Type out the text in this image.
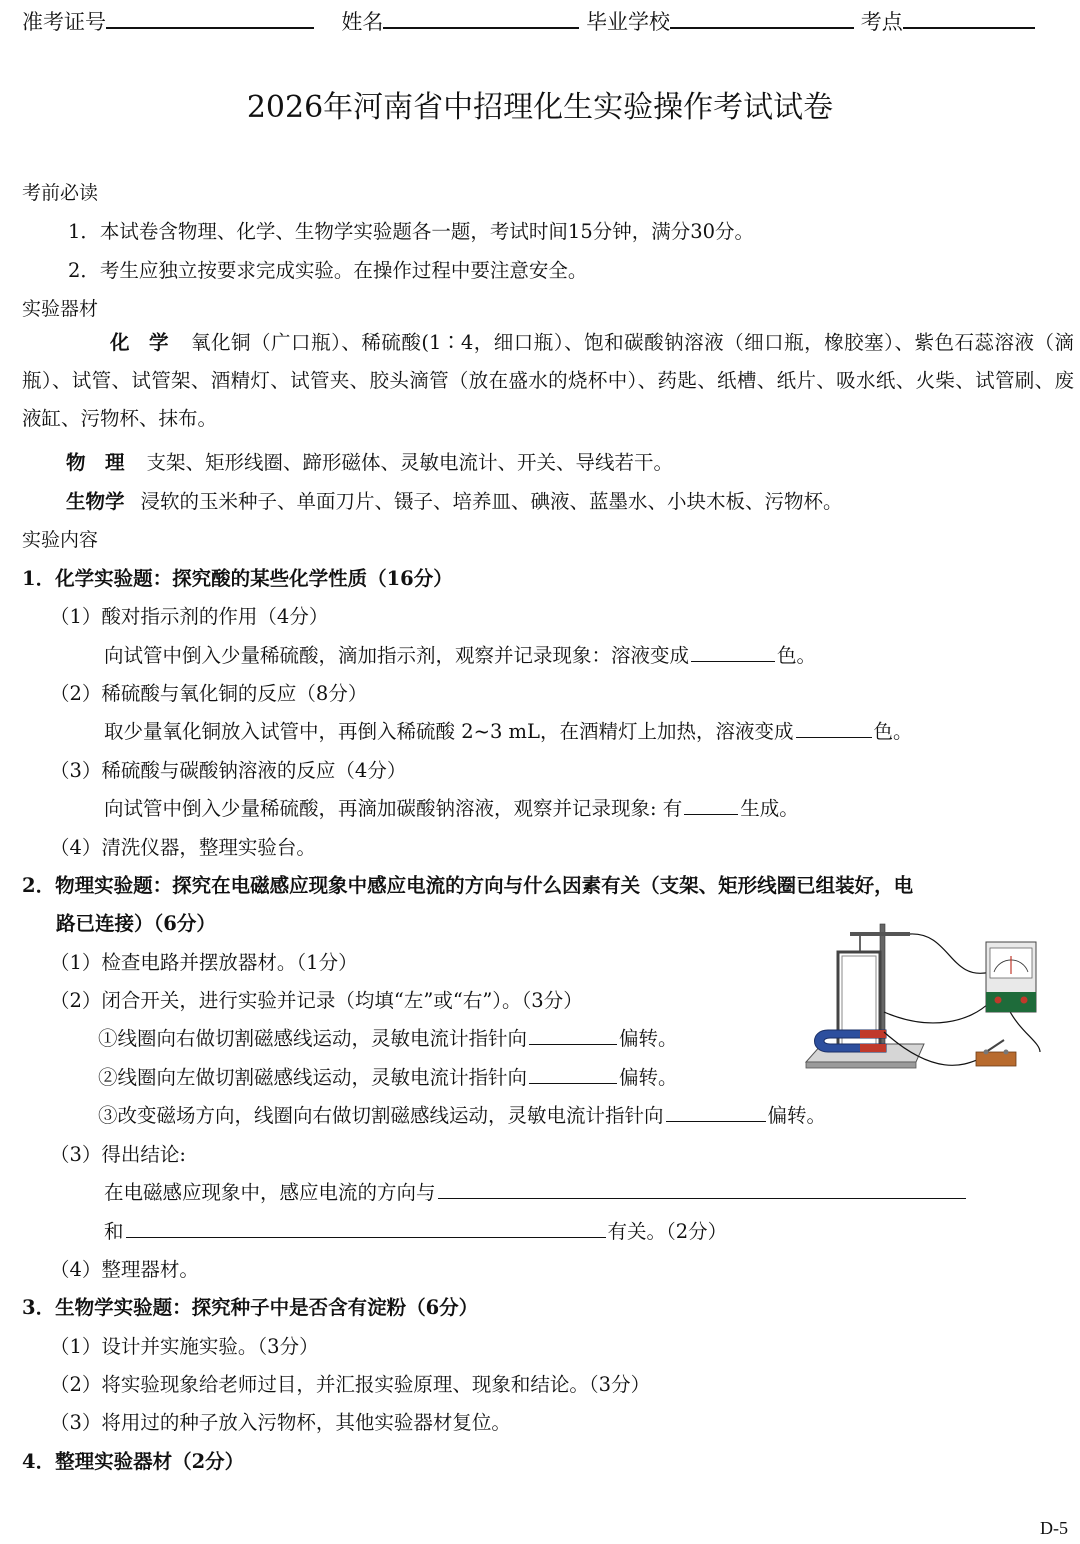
准考证号	姓名	毕业学校	考点
2026年河南省中招理化生实验操作考试试卷
考前必读
1．本试卷含物理、化学、生物学实验题各一题，考试时间15分钟，满分30分。
2．考生应独立按要求完成实验。在操作过程中要注意安全。
实验器材
化　学 氧化铜（广口瓶）、稀硫酸(1∶4，细口瓶）、饱和碳酸钠溶液（细口瓶，橡胶塞）、紫色石蕊溶液（滴瓶）、试管、试管架、酒精灯、试管夹、胶头滴管（放在盛水的烧杯中）、药匙、纸槽、纸片、吸水纸、火柴、试管刷、废液缸、污物杯、抹布。
物　理 支架、矩形线圈、蹄形磁体、灵敏电流计、开关、导线若干。
生物学 浸软的玉米种子、单面刀片、镊子、培养皿、碘液、蓝墨水、小块木板、污物杯。
实验内容
1．化学实验题：探究酸的某些化学性质（16分）
（1）酸对指示剂的作用（4分）
向试管中倒入少量稀硫酸，滴加指示剂，观察并记录现象：溶液变成	色。
（2）稀硫酸与氧化铜的反应（8分）
取少量氧化铜放入试管中，再倒入稀硫酸 2~3 mL，在酒精灯上加热，溶液变成	色。
（3）稀硫酸与碳酸钠溶液的反应（4分）
向试管中倒入少量稀硫酸，再滴加碳酸钠溶液，观察并记录现象: 有	生成。
（4）清洗仪器，整理实验台。
2．物理实验题：探究在电磁感应现象中感应电流的方向与什么因素有关（支架、矩形线圈已组装好，电
路已连接）（6分）
（1）检查电路并摆放器材。（1分）
（2）闭合开关，进行实验并记录（均填“左”或“右”）。（3分）
①线圈向右做切割磁感线运动，灵敏电流计指针向	偏转。
②线圈向左做切割磁感线运动，灵敏电流计指针向	偏转。
③改变磁场方向，线圈向右做切割磁感线运动，灵敏电流计指针向	偏转。
（3）得出结论:
在电磁感应现象中，感应电流的方向与
和	有关。（2分）
（4）整理器材。
3．生物学实验题：探究种子中是否含有淀粉（6分）
（1）设计并实施实验。（3分）
（2）将实验现象给老师过目，并汇报实验原理、现象和结论。（3分）
（3）将用过的种子放入污物杯，其他实验器材复位。
4．整理实验器材（2分）
D-5
